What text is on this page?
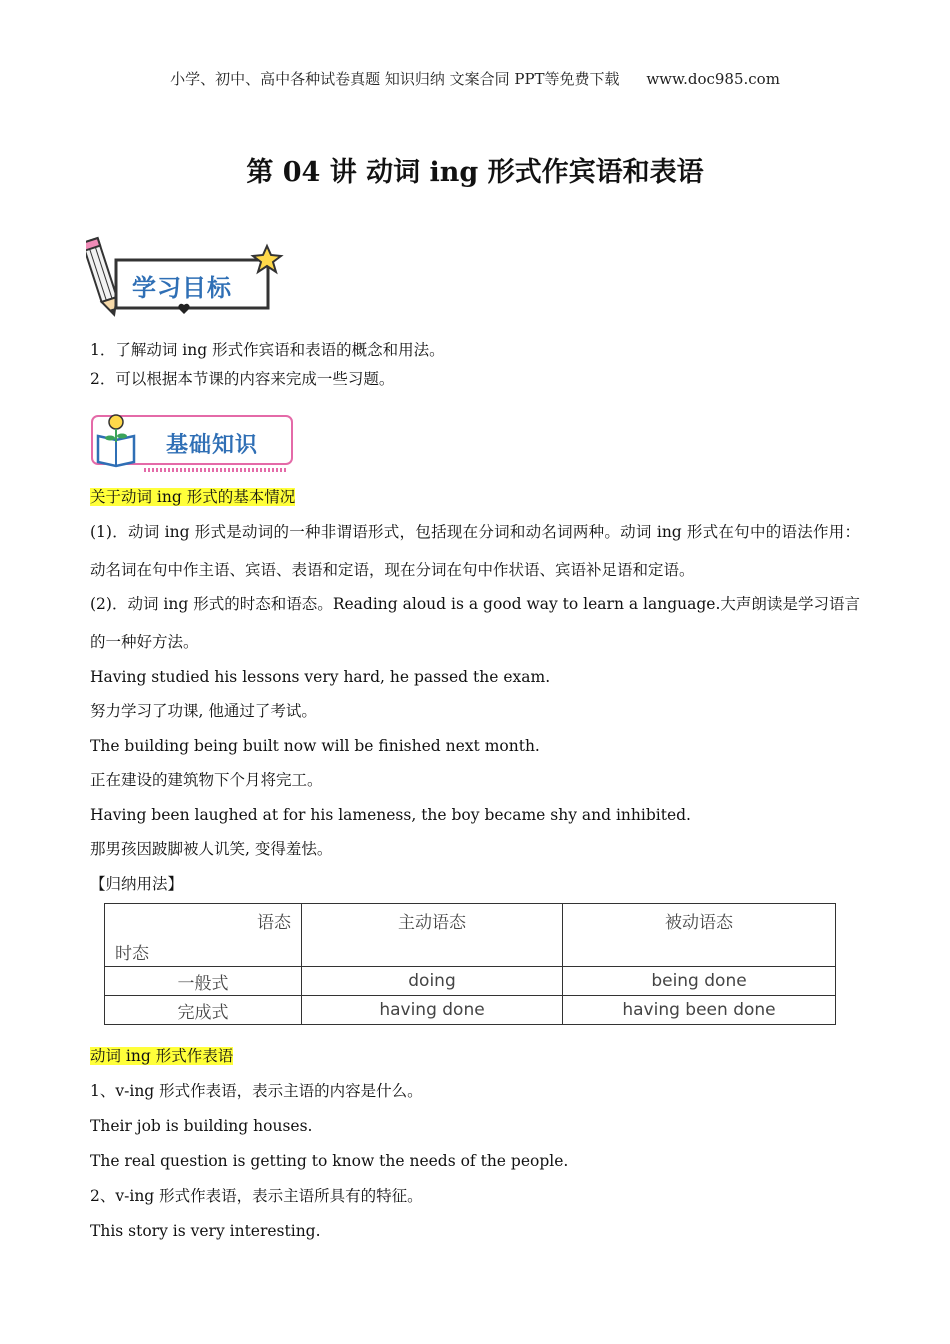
小学、初中、高中各种试卷真题 知识归纳 文案合同 PPT等免费下载 www.doc985.com
第 04 讲 动词 ing 形式作宾语和表语
学习目标
1．了解动词 ing 形式作宾语和表语的概念和用法。
2．可以根据本节课的内容来完成一些习题。
基础知识
关于动词 ing 形式的基本情况
(1)．动词 ing 形式是动词的一种非谓语形式，包括现在分词和动名词两种。动词 ing 形式在句中的语法作用：动名词在句中作主语、宾语、表语和定语，现在分词在句中作状语、宾语补足语和定语。
(2)．动词 ing 形式的时态和语态。Reading aloud is a good way to learn a language.大声朗读是学习语言的一种好方法。
Having studied his lessons very hard, he passed the exam.
努力学习了功课, 他通过了考试。
The building being built now will be finished next month.
正在建设的建筑物下个月将完工。
Having been laughed at for his lameness, the boy became shy and inhibited.
那男孩因跛脚被人讥笑, 变得羞怯。
【归纳用法】
语态
时态	主动语态	被动语态
一般式	doing	being done
完成式	having done	having been done
动词 ing 形式作表语
1、v-ing 形式作表语，表示主语的内容是什么。
Their job is building houses.
The real question is getting to know the needs of the people.
2、v-ing 形式作表语，表示主语所具有的特征。
This story is very interesting.
